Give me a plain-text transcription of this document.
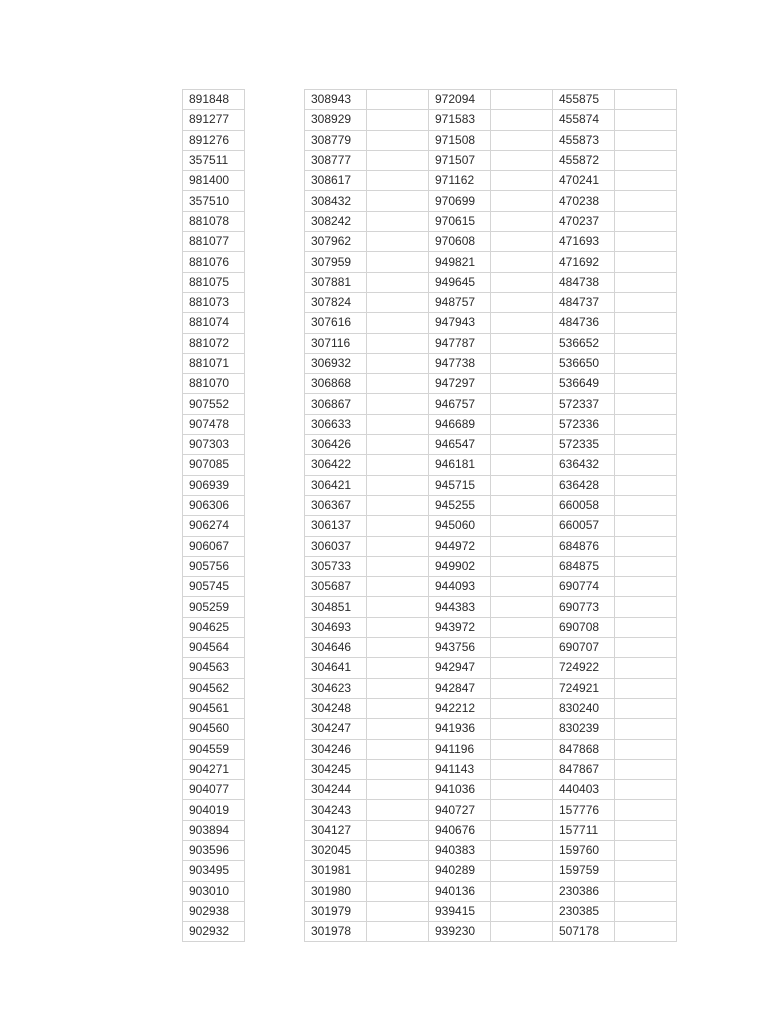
891848		308943		972094		455875	
891277		308929		971583		455874	
891276		308779		971508		455873	
357511		308777		971507		455872	
981400		308617		971162		470241	
357510		308432		970699		470238	
881078		308242		970615		470237	
881077		307962		970608		471693	
881076		307959		949821		471692	
881075		307881		949645		484738	
881073		307824		948757		484737	
881074		307616		947943		484736	
881072		307116		947787		536652	
881071		306932		947738		536650	
881070		306868		947297		536649	
907552		306867		946757		572337	
907478		306633		946689		572336	
907303		306426		946547		572335	
907085		306422		946181		636432	
906939		306421		945715		636428	
906306		306367		945255		660058	
906274		306137		945060		660057	
906067		306037		944972		684876	
905756		305733		949902		684875	
905745		305687		944093		690774	
905259		304851		944383		690773	
904625		304693		943972		690708	
904564		304646		943756		690707	
904563		304641		942947		724922	
904562		304623		942847		724921	
904561		304248		942212		830240	
904560		304247		941936		830239	
904559		304246		941196		847868	
904271		304245		941143		847867	
904077		304244		941036		440403	
904019		304243		940727		157776	
903894		304127		940676		157711	
903596		302045		940383		159760	
903495		301981		940289		159759	
903010		301980		940136		230386	
902938		301979		939415		230385	
902932		301978		939230		507178	
